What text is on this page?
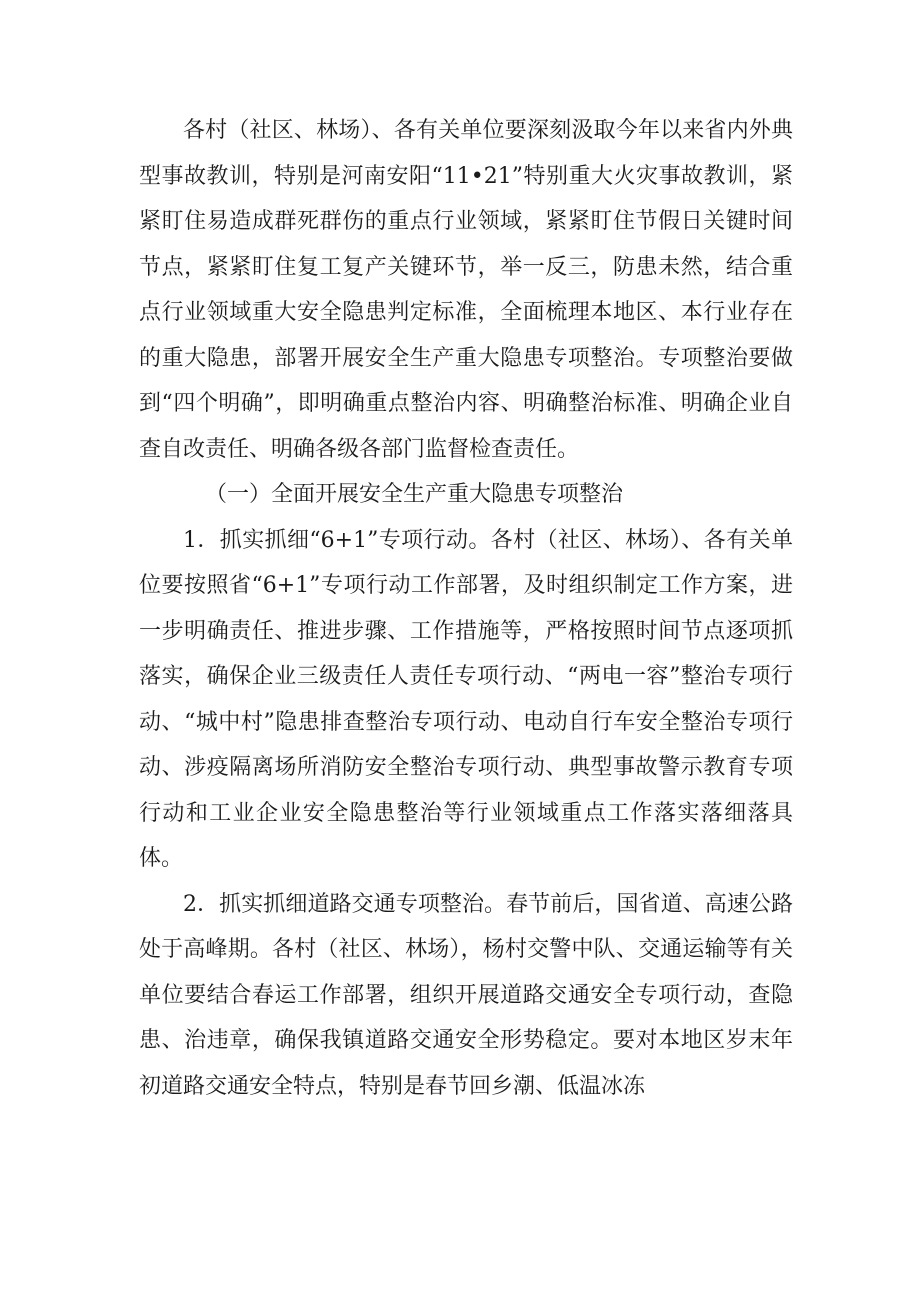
各村（社区、林场）、各有关单位要深刻汲取今年以来省内外典型事故教训，特别是河南安阳“11•21”特别重大火灾事故教训，紧紧盯住易造成群死群伤的重点行业领域，紧紧盯住节假日关键时间节点，紧紧盯住复工复产关键环节，举一反三，防患未然，结合重点行业领域重大安全隐患判定标准，全面梳理本地区、本行业存在的重大隐患，部署开展安全生产重大隐患专项整治。专项整治要做到“四个明确”，即明确重点整治内容、明确整治标准、明确企业自查自改责任、明确各级各部门监督检查责任。

（一）全面开展安全生产重大隐患专项整治

1．抓实抓细“6+1”专项行动。各村（社区、林场）、各有关单位要按照省“6+1”专项行动工作部署，及时组织制定工作方案，进一步明确责任、推进步骤、工作措施等，严格按照时间节点逐项抓落实，确保企业三级责任人责任专项行动、“两电一容”整治专项行动、“城中村”隐患排查整治专项行动、电动自行车安全整治专项行动、涉疫隔离场所消防安全整治专项行动、典型事故警示教育专项行动和工业企业安全隐患整治等行业领域重点工作落实落细落具体。

2．抓实抓细道路交通专项整治。春节前后，国省道、高速公路处于高峰期。各村（社区、林场），杨村交警中队、交通运输等有关单位要结合春运工作部署，组织开展道路交通安全专项行动，查隐患、治违章，确保我镇道路交通安全形势稳定。要对本地区岁末年初道路交通安全特点，特别是春节回乡潮、低温冰冻
